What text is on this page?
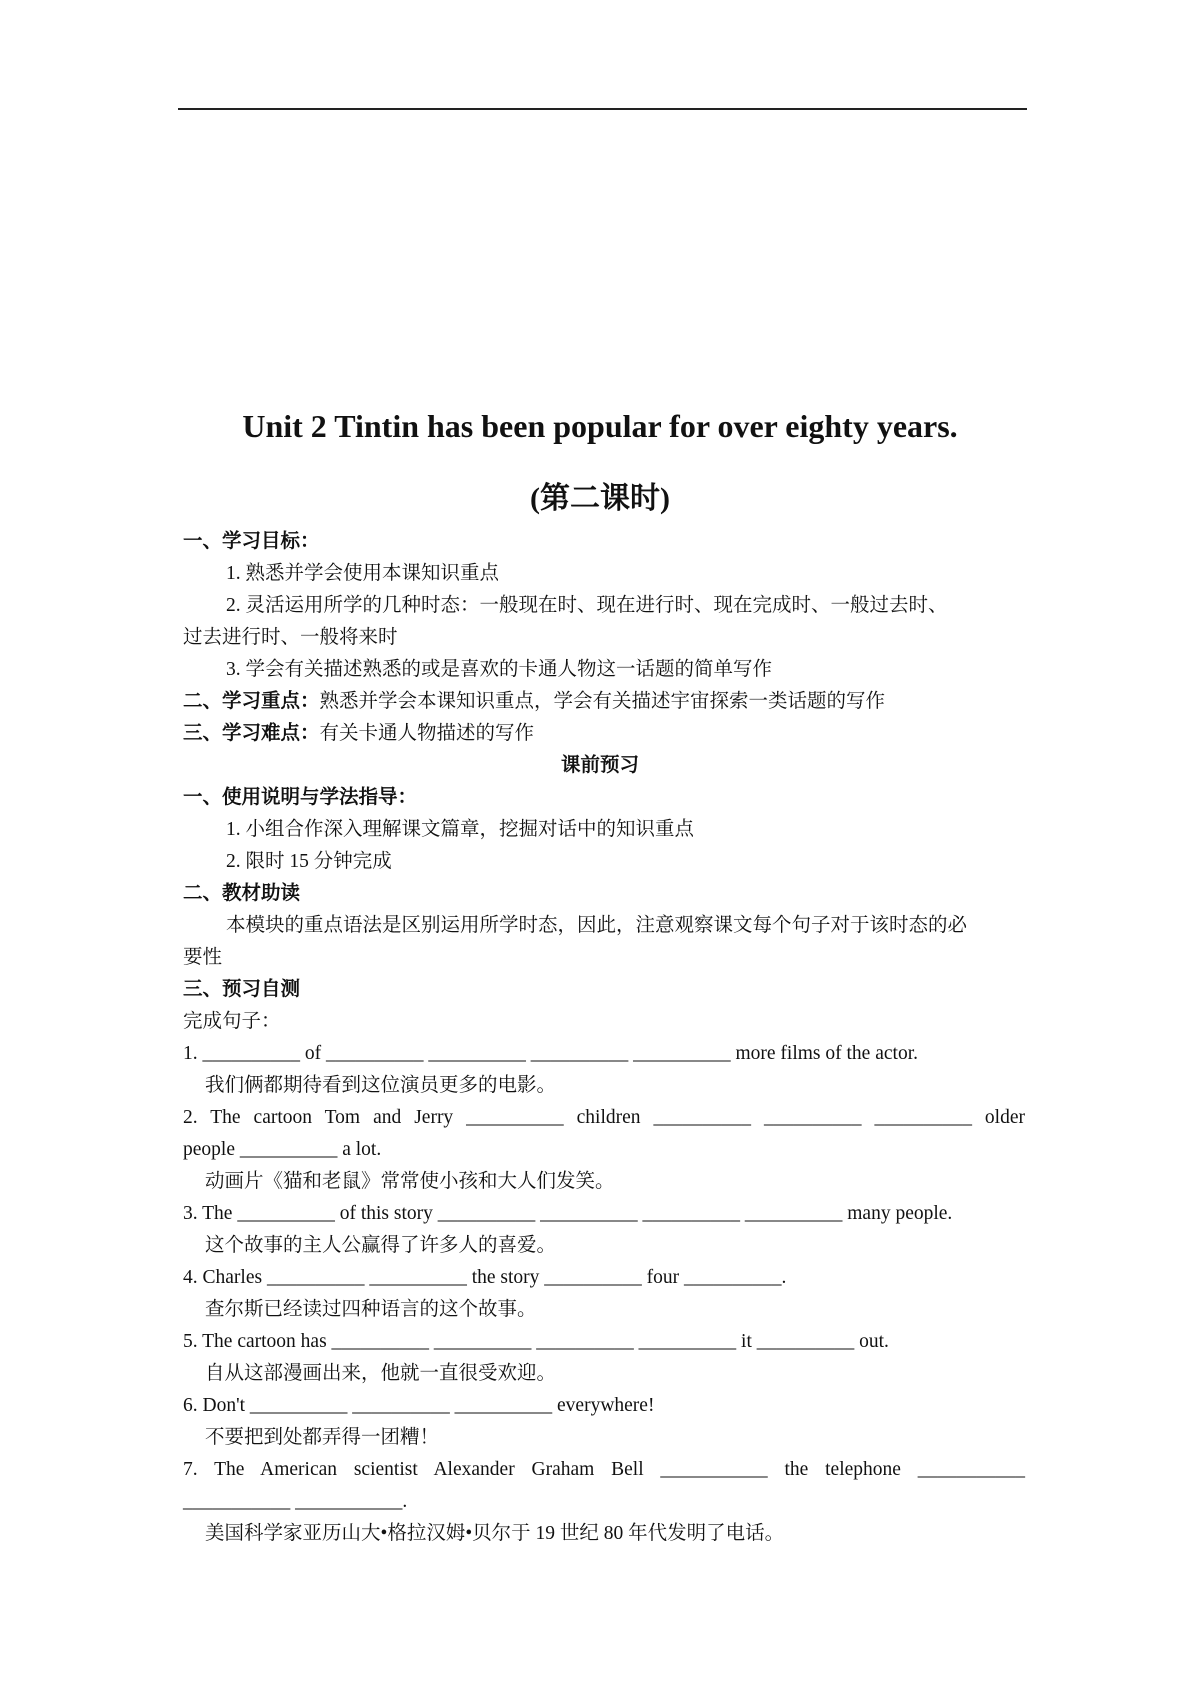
Unit 2 Tintin has been popular for over eighty years.
(第二课时)
一、学习目标：
1. 熟悉并学会使用本课知识重点
2. 灵活运用所学的几种时态：一般现在时、现在进行时、现在完成时、一般过去时、
过去进行时、一般将来时
3. 学会有关描述熟悉的或是喜欢的卡通人物这一话题的简单写作
二、学习重点：熟悉并学会本课知识重点，学会有关描述宇宙探索一类话题的写作
三、学习难点：有关卡通人物描述的写作
课前预习
一、使用说明与学法指导：
1. 小组合作深入理解课文篇章，挖掘对话中的知识重点
2. 限时 15 分钟完成
二、教材助读
本模块的重点语法是区别运用所学时态，因此，注意观察课文每个句子对于该时态的必
要性
三、预习自测
完成句子：
1. __________ of __________ __________ __________ __________ more films of the actor.
我们俩都期待看到这位演员更多的电影。
2. The cartoon Tom and Jerry __________ children __________ __________ __________ older
people __________ a lot.
动画片《猫和老鼠》常常使小孩和大人们发笑。
3. The __________ of this story __________ __________ __________ __________ many people.
这个故事的主人公赢得了许多人的喜爱。
4. Charles __________ __________ the story __________ four __________.
查尔斯已经读过四种语言的这个故事。
5. The cartoon has __________ __________ __________ __________ it __________ out.
自从这部漫画出来，他就一直很受欢迎。
6. Don't __________ __________ __________ everywhere!
不要把到处都弄得一团糟！
7. The American scientist Alexander Graham Bell ___________ the telephone ___________
___________ ___________.
美国科学家亚历山大•格拉汉姆•贝尔于 19 世纪 80 年代发明了电话。
